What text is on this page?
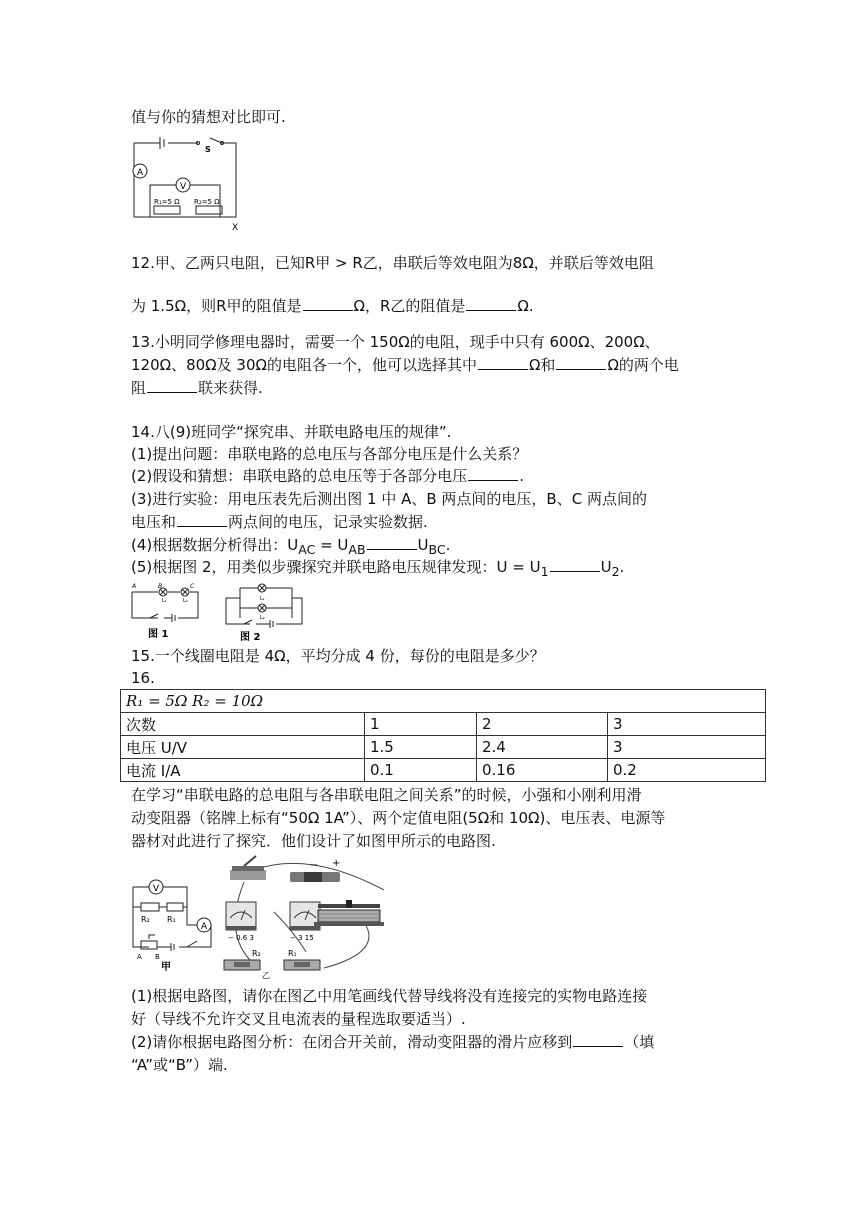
值与你的猜想对比即可.
A
V
S
R₁=5 Ω R₂=5 Ω
X
12.甲、乙两只电阻，已知R甲 > R乙，串联后等效电阻为8Ω，并联后等效电阻
为 1.5Ω，则R甲的阻值是	Ω，R乙的阻值是	Ω.
13.小明同学修理电器时，需要一个 150Ω的电阻，现手中只有 600Ω、200Ω、
120Ω、80Ω及 30Ω的电阻各一个，他可以选择其中	Ω和	Ω的两个电
阻	联来获得.
14.八(9)班同学“探究串、并联电路电压的规律”.
(1)提出问题：串联电路的总电压与各部分电压是什么关系？
(2)假设和猜想：串联电路的总电压等于各部分电压	.
(3)进行实验：用电压表先后测出图 1 中 A、B 两点间的电压，B、C 两点间的
电压和	两点间的电压，记录实验数据.
(4)根据数据分析得出：$U_{AC} = U_{AB}$	$U_{BC}$.
(5)根据图 2，用类似步骤探究并联电路电压规律发现：$U = U_1$	$U_2$.
A	B	C
L₁	L₂
图 1
L₁
L₂
图 2
15.一个线圈电阻是 4Ω，平均分成 4 份，每份的电阻是多少？
16.
R₁ = 5Ω R₂ = 10Ω			
次数	1	2	3
电压 U/V	1.5	2.4	3
电流 I/A	0.1	0.16	0.2
在学习“串联电路的总电阻与各串联电阻之间关系”的时候，小强和小刚利用滑
动变阻器（铭牌上标有“50Ω 1A”）、两个定值电阻(5Ω和 10Ω)、电压表、电源等
器材对此进行了探究．他们设计了如图甲所示的电路图.
V
A
R₂ R₁
A B
甲
− +
− 0.6 3	− 3 15
R₂	R₁
乙
(1)根据电路图，请你在图乙中用笔画线代替导线将没有连接完的实物电路连接
好（导线不允许交叉且电流表的量程选取要适当）.
(2)请你根据电路图分析：在闭合开关前，滑动变阻器的滑片应移到	（填
“A”或“B”）端.
